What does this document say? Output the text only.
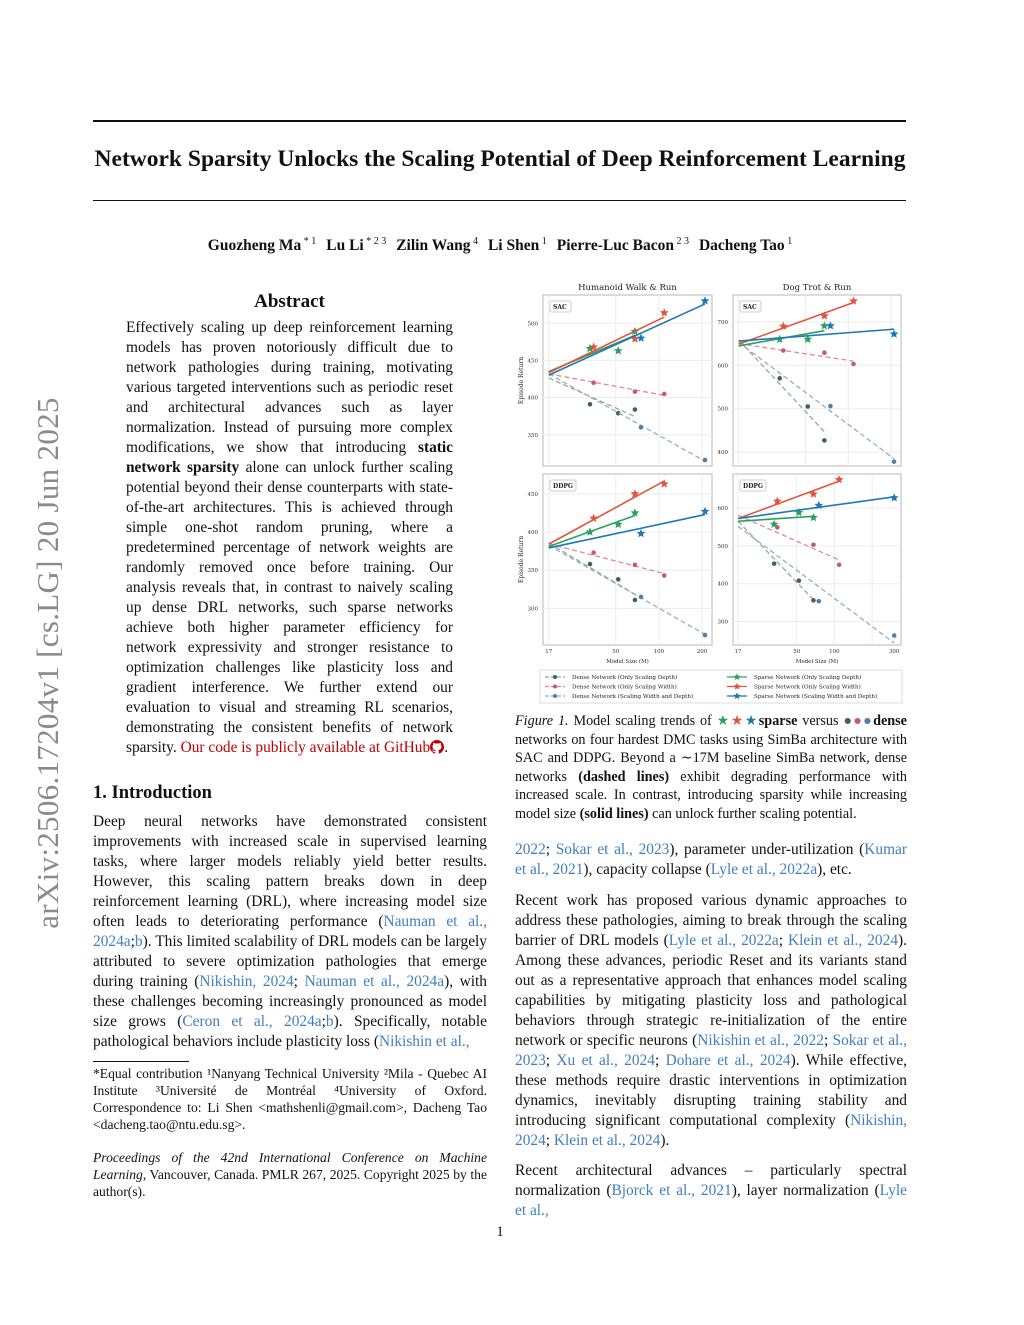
arXiv:2506.17204v1 [cs.LG] 20 Jun 2025
Network Sparsity Unlocks the Scaling Potential of Deep Reinforcement Learning
Guozheng Ma $^{* 1}$ Lu Li $^{* 2 3}$ Zilin Wang $^4$ Li Shen $^1$ Pierre-Luc Bacon $^{2 3}$ Dacheng Tao $^1$
Abstract
Effectively scaling up deep reinforcement learning models has proven notoriously difficult due to network pathologies during training, motivating various targeted interventions such as periodic reset and architectural advances such as layer normalization. Instead of pursuing more complex modifications, we show that introducing static network sparsity alone can unlock further scaling potential beyond their dense counterparts with state-of-the-art architectures. This is achieved through simple one-shot random pruning, where a predetermined percentage of network weights are randomly removed once before training. Our analysis reveals that, in contrast to naively scaling up dense DRL networks, such sparse networks achieve both higher parameter efficiency for network expressivity and stronger resistance to optimization challenges like plasticity loss and gradient interference. We further extend our evaluation to visual and streaming RL scenarios, demonstrating the consistent benefits of network sparsity. Our code is publicly available at GitHub .
1. Introduction
Deep neural networks have demonstrated consistent improvements with increased scale in supervised learning tasks, where larger models reliably yield better results. However, this scaling pattern breaks down in deep reinforcement learning (DRL), where increasing model size often leads to deteriorating performance (Nauman et al., 2024a;b). This limited scalability of DRL models can be largely attributed to severe optimization pathologies that emerge during training (Nikishin, 2024; Nauman et al., 2024a), with these challenges becoming increasingly pronounced as model size grows (Ceron et al., 2024a;b). Specifically, notable pathological behaviors include plasticity loss (Nikishin et al.,
*Equal contribution ¹Nanyang Technical University ²Mila - Quebec AI Institute ³Université de Montréal ⁴University of Oxford. Correspondence to: Li Shen <mathshenli@gmail.com>, Dacheng Tao <dacheng.tao@ntu.edu.sg>.
Proceedings of the 42nd International Conference on Machine Learning, Vancouver, Canada. PMLR 267, 2025. Copyright 2025 by the author(s).
1
350
400
450
500
Humanoid Walk & Run
Episode Return
SAC
400
500
600
700
Dog Trot & Run
SAC
300
350
400
450
17	50	100	200
Episode Return
Model Size (M)
DDPG
300
400
500
600
17	50	100	300
Model Size (M)
DDPG
Dense Network (Only Scaling Depth)
Dense Network (Only Scaling Width)
Dense Network (Scaling Width and Depth)
Sparse Network (Only Scaling Depth)
Sparse Network (Only Scaling Width)
Sparse Network (Scaling Width and Depth)
Figure 1. Model scaling trends of ★★★sparse versus ●●●dense networks on four hardest DMC tasks using SimBa architecture with SAC and DDPG. Beyond a ∼17M baseline SimBa network, dense networks (dashed lines) exhibit degrading performance with increased scale. In contrast, introducing sparsity while increasing model size (solid lines) can unlock further scaling potential.
2022; Sokar et al., 2023), parameter under-utilization (Kumar et al., 2021), capacity collapse (Lyle et al., 2022a), etc.
Recent work has proposed various dynamic approaches to address these pathologies, aiming to break through the scaling barrier of DRL models (Lyle et al., 2022a; Klein et al., 2024). Among these advances, periodic Reset and its variants stand out as a representative approach that enhances model scaling capabilities by mitigating plasticity loss and pathological behaviors through strategic re-initialization of the entire network or specific neurons (Nikishin et al., 2022; Sokar et al., 2023; Xu et al., 2024; Dohare et al., 2024). While effective, these methods require drastic interventions in optimization dynamics, inevitably disrupting training stability and introducing significant computational complexity (Nikishin, 2024; Klein et al., 2024).
Recent architectural advances – particularly spectral normalization (Bjorck et al., 2021), layer normalization (Lyle et al.,
